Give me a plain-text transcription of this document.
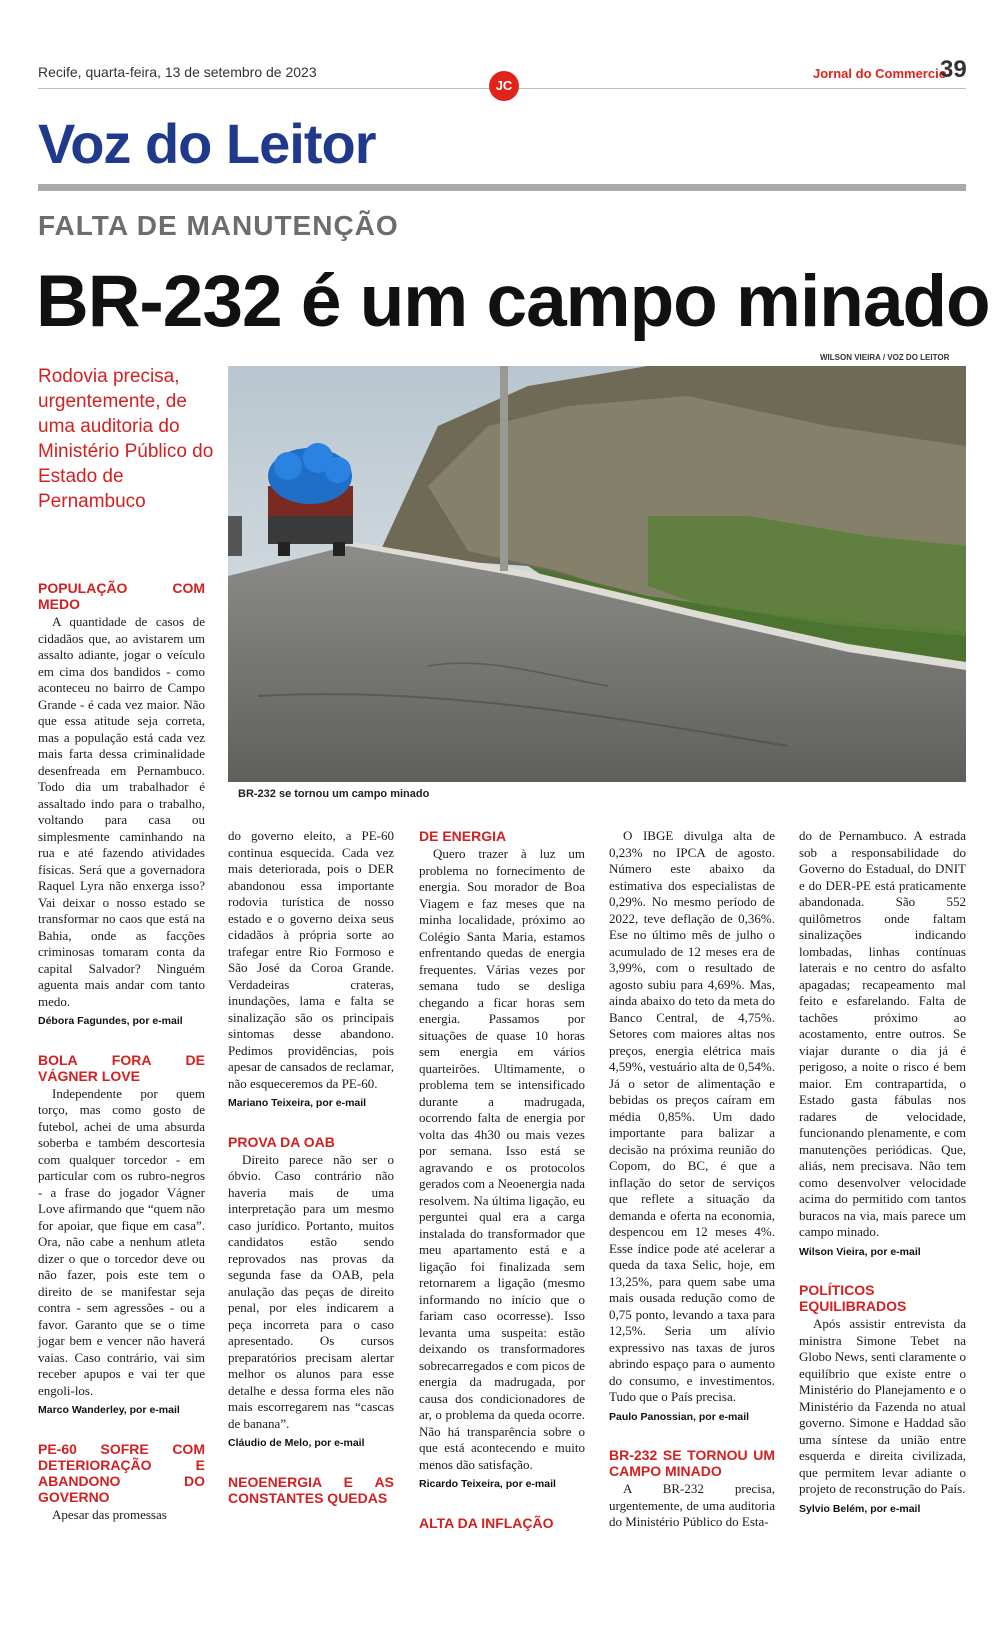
Recife, quarta-feira, 13 de setembro de 2023
JC
Jornal do Commercio
39
Voz do Leitor
FALTA DE MANUTENÇÃO
BR-232 é um campo minado
WILSON VIEIRA / VOZ DO LEITOR
Rodovia precisa, urgentemente, de uma auditoria do Ministério Público do Estado de Pernambuco
BR-232 se tornou um campo minado
POPULAÇÃO COM MEDO

A quantidade de casos de cidadãos que, ao avistarem um assalto adiante, jogar o veículo em cima dos bandidos - como aconteceu no bairro de Campo Grande - é cada vez maior. Não que essa atitude seja correta, mas a população está cada vez mais farta dessa criminalidade desenfreada em Pernambuco. Todo dia um trabalhador é assaltado indo para o trabalho, voltando para casa ou simplesmente caminhando na rua e até fazendo atividades físicas. Será que a governadora Raquel Lyra não enxerga isso? Vai deixar o nosso estado se transformar no caos que está na Bahia, onde as facções criminosas tomaram conta da capital Salvador? Ninguém aguenta mais andar com tanto medo.

Débora Fagundes, por e-mail
BOLA FORA DE VÁGNER LOVE

Independente por quem torço, mas como gosto de futebol, achei de uma absurda soberba e também descortesia com qualquer torcedor - em particular com os rubro-negros - a frase do jogador Vágner Love afirmando que “quem não for apoiar, que fique em casa”. Ora, não cabe a nenhum atleta dizer o que o torcedor deve ou não fazer, pois este tem o direito de se manifestar seja contra - sem agressões - ou a favor. Garanto que se o time jogar bem e vencer não haverá vaias. Caso contrário, vai sim receber apupos e vai ter que engoli-los.

Marco Wanderley, por e-mail
PE-60 SOFRE COM DETERIORAÇÃO E ABANDONO DO GOVERNO

Apesar das promessas

do governo eleito, a PE-60 continua esquecida. Cada vez mais deteriorada, pois o DER abandonou essa importante rodovia turística de nosso estado e o governo deixa seus cidadãos à própria sorte ao trafegar entre Rio Formoso e São José da Coroa Grande. Verdadeiras crateras, inundações, lama e falta se sinalização são os principais sintomas desse abandono. Pedimos providências, pois apesar de cansados de reclamar, não esqueceremos da PE-60.

Mariano Teixeira, por e-mail
PROVA DA OAB

Direito parece não ser o óbvio. Caso contrário não haveria mais de uma interpretação para um mesmo caso jurídico. Portanto, muitos candidatos estão sendo reprovados nas provas da segunda fase da OAB, pela anulação das peças de direito penal, por eles indicarem a peça incorreta para o caso apresentado. Os cursos preparatórios precisam alertar melhor os alunos para esse detalhe e dessa forma eles não mais escorregarem nas “cascas de banana”.

Cláudio de Melo, por e-mail
NEOENERGIA E AS CONSTANTES QUEDAS
DE ENERGIA

Quero trazer à luz um problema no fornecimento de energia. Sou morador de Boa Viagem e faz meses que na minha localidade, próximo ao Colégio Santa Maria, estamos enfrentando quedas de energia frequentes. Várias vezes por semana tudo se desliga chegando a ficar horas sem energia. Passamos por situações de quase 10 horas sem energia em vários quarteirões. Ultimamente, o problema tem se intensificado durante a madrugada, ocorrendo falta de energia por volta das 4h30 ou mais vezes por semana. Isso está se agravando e os protocolos gerados com a Neoenergia nada resolvem. Na última ligação, eu perguntei qual era a carga instalada do transformador que meu apartamento está e a ligação foi finalizada sem retornarem a ligação (mesmo informando no início que o fariam caso ocorresse). Isso levanta uma suspeita: estão deixando os transformadores sobrecarregados e com picos de energia da madrugada, por causa dos condicionadores de ar, o problema da queda ocorre. Não há transparência sobre o que está acontecendo e muito menos dão satisfação.

Ricardo Teixeira, por e-mail
ALTA DA INFLAÇÃO

O IBGE divulga alta de 0,23% no IPCA de agosto. Número este abaixo da estimativa dos especialistas de 0,29%. No mesmo período de 2022, teve deflação de 0,36%. Ese no último mês de julho o acumulado de 12 meses era de 3,99%, com o resultado de agosto subiu para 4,69%. Mas, ainda abaixo do teto da meta do Banco Central, de 4,75%. Setores com maiores altas nos preços, energia elétrica mais 4,59%, vestuário alta de 0,54%. Já o setor de alimentação e bebidas os preços caíram em média 0,85%. Um dado importante para balizar a decisão na próxima reunião do Copom, do BC, é que a inflação do setor de serviços que reflete a situação da demanda e oferta na economia, despencou em 12 meses 4%. Esse índice pode até acelerar a queda da taxa Selic, hoje, em 13,25%, para quem sabe uma mais ousada redução como de 0,75 ponto, levando a taxa para 12,5%. Seria um alívio expressivo nas taxas de juros abrindo espaço para o aumento do consumo, e investimentos. Tudo que o País precisa.

Paulo Panossian, por e-mail
BR-232 SE TORNOU UM CAMPO MINADO

A BR-232 precisa, urgentemente, de uma auditoria do Ministério Público do Esta-

do de Pernambuco. A estrada sob a responsabilidade do Governo do Estadual, do DNIT e do DER-PE está praticamente abandonada. São 552 quilômetros onde faltam sinalizações indicando lombadas, linhas contínuas laterais e no centro do asfalto apagadas; recapeamento mal feito e esfarelando. Falta de tachões próximo ao acostamento, entre outros. Se viajar durante o dia já é perigoso, a noite o risco é bem maior. Em contrapartida, o Estado gasta fábulas nos radares de velocidade, funcionando plenamente, e com manutenções periódicas. Que, aliás, nem precisava. Não tem como desenvolver velocidade acima do permitido com tantos buracos na via, mais parece um campo minado.

Wilson Vieira, por e-mail
POLÍTICOS EQUILIBRADOS

Após assistir entrevista da ministra Simone Tebet na Globo News, senti claramente o equilíbrio que existe entre o Ministério do Planejamento e o Ministério da Fazenda no atual governo. Simone e Haddad são uma síntese da união entre esquerda e direita civilizada, que permitem levar adiante o projeto de reconstrução do País.

Sylvio Belém, por e-mail
